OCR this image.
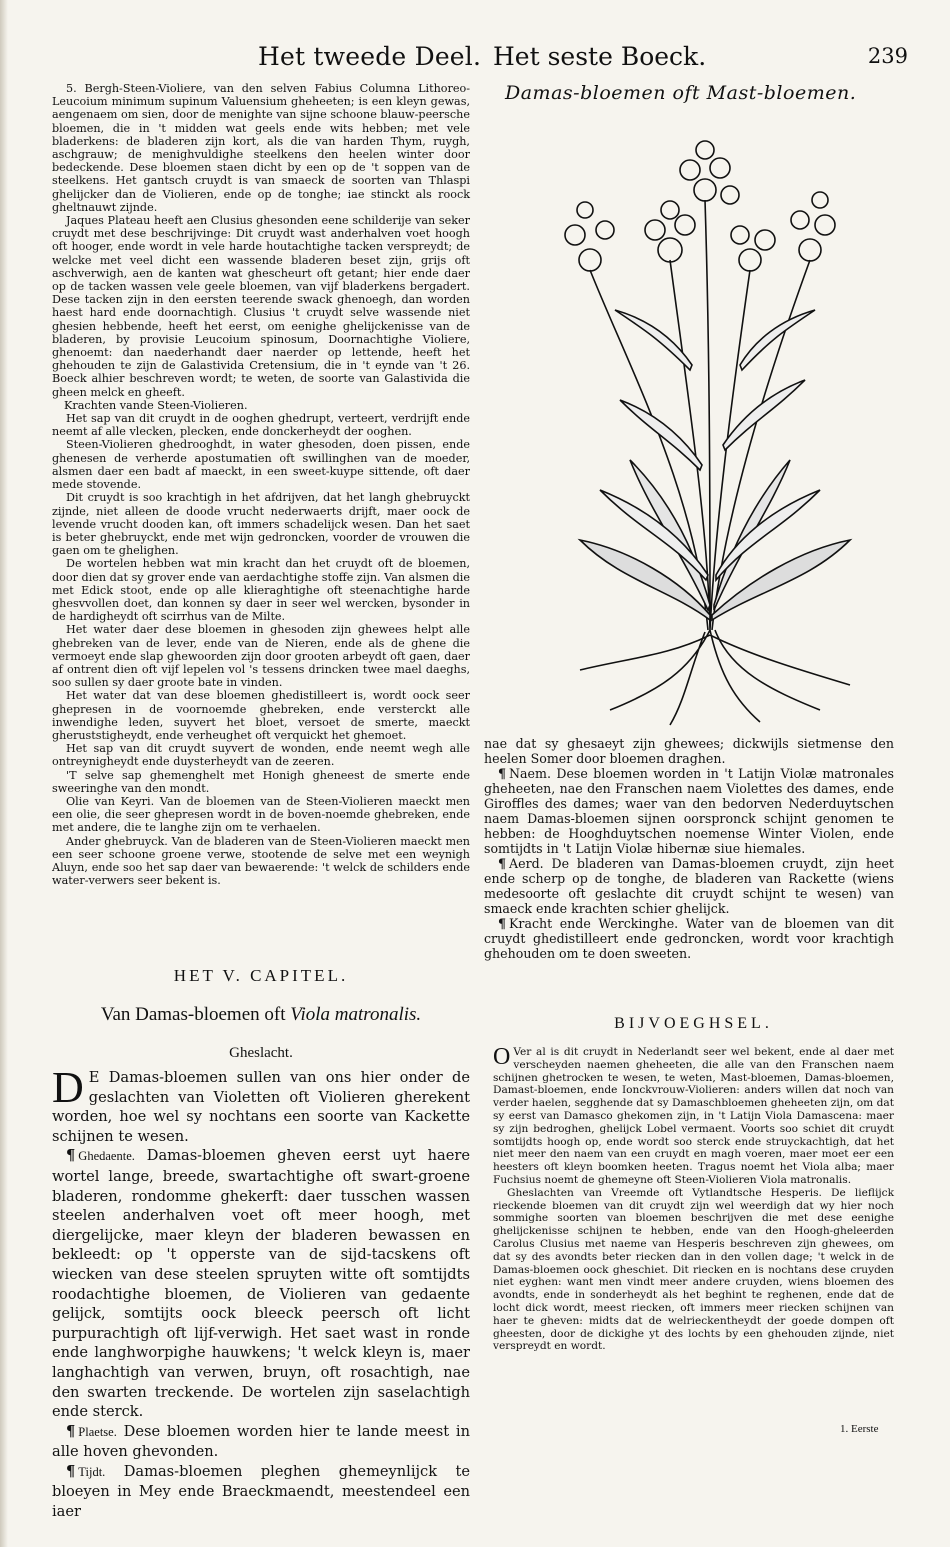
Het tweede Deel. Het seste Boeck.	239

5. Bergh-Steen-Violiere, van den selven Fabius Columna Lithoreo-Leucoium minimum supinum Valuensium gheheeten; is een kleyn gewas, aengenaem om sien, door de menighte van sijne schoone blauw-peersche bloemen, die in 't midden wat geels ende wits hebben; met vele bladerkens: de bladeren zijn kort, als die van harden Thym, ruygh, aschgrauw; de menighvuldighe steelkens den heelen winter door bedeckende. Dese bloemen staen dicht by een op de 't soppen van de steelkens. Het gantsch cruydt is van smaeck de soorten van Thlaspi ghelijcker dan de Violieren, ende op de tonghe; iae stinckt als roock gheltnauwt zijnde.

Jaques Plateau heeft aen Clusius ghesonden eene schilderije van seker cruydt met dese beschrijvinge: Dit cruydt wast anderhalven voet hoogh oft hooger, ende wordt in vele harde houtachtighe tacken verspreydt; de welcke met veel dicht een wassende bladeren beset zijn, grijs oft aschverwigh, aen de kanten wat ghescheurt oft getant; hier ende daer op de tacken wassen vele geele bloemen, van vijf bladerkens bergadert. Dese tacken zijn in den eersten teerende swack ghenoegh, dan worden haest hard ende doornachtigh. Clusius 't cruydt selve wassende niet ghesien hebbende, heeft het eerst, om eenighe ghelijckenisse van de bladeren, by provisie Leucoium spinosum, Doornachtighe Violiere, ghenoemt: dan naederhandt daer naerder op lettende, heeft het ghehouden te zijn de Galastivida Cretensium, die in 't eynde van 't 26. Boeck alhier beschreven wordt; te weten, de soorte van Galastivida die gheen melck en gheeft.

Krachten vande Steen-Violieren.

Het sap van dit cruydt in de ooghen ghedrupt, verteert, verdrijft ende neemt af alle vlecken, plecken, ende donckerheydt der ooghen.

Steen-Violieren ghedrooghdt, in water ghesoden, doen pissen, ende ghenesen de verherde apostumatien oft swillinghen van de moeder, alsmen daer een badt af maeckt, in een sweet-kuype sittende, oft daer mede stovende.

Dit cruydt is soo krachtigh in het afdrijven, dat het langh ghebruyckt zijnde, niet alleen de doode vrucht nederwaerts drijft, maer oock de levende vrucht dooden kan, oft immers schadelijck wesen. Dan het saet is beter ghebruyckt, ende met wijn gedroncken, voorder de vrouwen die gaen om te ghelighen.

De wortelen hebben wat min kracht dan het cruydt oft de bloemen, door dien dat sy grover ende van aerdachtighe stoffe zijn. Van alsmen die met Edick stoot, ende op alle klieraghtighe oft steenachtighe harde ghesvvollen doet, dan konnen sy daer in seer wel wercken, bysonder in de hardigheydt oft scirrhus van de Milte.

Het water daer dese bloemen in ghesoden zijn ghewees helpt alle ghebreken van de lever, ende van de Nieren, ende als de ghene die vermoeyt ende slap ghewoorden zijn door grooten arbeydt oft gaen, daer af ontrent dien oft vijf lepelen vol 's tessens drincken twee mael daeghs, soo sullen sy daer groote bate in vinden.

Het water dat van dese bloemen ghedistilleert is, wordt oock seer ghepresen in de voornoemde ghebreken, ende versterckt alle inwendighe leden, suyvert het bloet, versoet de smerte, maeckt gheruststigheydt, ende verheughet oft verquickt het ghemoet.

Het sap van dit cruydt suyvert de wonden, ende neemt wegh alle ontreynigheydt ende duysterheydt van de zeeren.

'T selve sap ghemenghelt met Honigh gheneest de smerte ende sweeringhe van den mondt.

Olie van Keyri. Van de bloemen van de Steen-Violieren maeckt men een olie, die seer ghepresen wordt in de boven-noemde ghebreken, ende met andere, die te langhe zijn om te verhaelen.

Ander ghebruyck. Van de bladeren van de Steen-Violieren maeckt men een seer schoone groene verwe, stootende de selve met een weynigh Aluyn, ende soo het sap daer van bewaerende: 't welck de schilders ende water-verwers seer bekent is.

HET V. CAPITEL.
Van Damas-bloemen oft Viola matronalis.
Gheslacht.

D E Damas-bloemen sullen van ons hier onder de geslachten van Violetten oft Violieren gherekent worden, hoe wel sy nochtans een soorte van Kackette schijnen te wesen.

¶ Ghedaente. Damas-bloemen gheven eerst uyt haere wortel lange, breede, swartachtighe oft swart-groene bladeren, rondomme ghekerft: daer tusschen wassen steelen anderhalven voet oft meer hoogh, met diergelijcke, maer kleyn der bladeren bewassen en bekleedt: op 't opperste van de sijd-tacskens oft wiecken van dese steelen spruyten witte oft somtijdts roodachtighe bloemen, de Violieren van gedaente gelijck, somtijts oock bleeck peersch oft licht purpurachtigh oft lijf-verwigh. Het saet wast in ronde ende langhworpighe hauwkens; 't welck kleyn is, maer langhachtigh van verwen, bruyn, oft rosachtigh, nae den swarten treckende. De wortelen zijn saselachtigh ende sterck.

¶ Plaetse. Dese bloemen worden hier te lande meest in alle hoven ghevonden.

¶ Tijdt. Damas-bloemen pleghen ghemeynlijck te bloeyen in Mey ende Braeckmaendt, meestendeel een iaer

Damas-bloemen oft Mast-bloemen.

nae dat sy ghesaeyt zijn ghewees; dickwijls sietmense den heelen Somer door bloemen draghen.

¶ Naem. Dese bloemen worden in 't Latijn Violæ matronales gheheeten, nae den Franschen naem Violettes des dames, ende Giroffles des dames; waer van den bedorven Nederduytschen naem Damas-bloemen sijnen oorspronck schijnt genomen te hebben: de Hooghduytschen noemense Winter Violen, ende somtijdts in 't Latijn Violæ hibernæ siue hiemales.

¶ Aerd. De bladeren van Damas-bloemen cruydt, zijn heet ende scherp op de tonghe, de bladeren van Rackette (wiens medesoorte oft geslachte dit cruydt schijnt te wesen) van smaeck ende krachten schier ghelijck.

¶ Kracht ende Werckinghe. Water van de bloemen van dit cruydt ghedistilleert ende gedroncken, wordt voor krachtigh ghehouden om te doen sweeten.

BIJVOEGHSEL.

O Ver al is dit cruydt in Nederlandt seer wel bekent, ende al daer met verscheyden naemen gheheeten, die alle van den Franschen naem schijnen ghetrocken te wesen, te weten, Mast-bloemen, Damas-bloemen, Damast-bloemen, ende Ionckvrouw-Violieren: anders willen dat noch van verder haelen, segghende dat sy Damaschbloemen gheheeten zijn, om dat sy eerst van Damasco ghekomen zijn, in 't Latijn Viola Damascena: maer sy zijn bedroghen, ghelijck Lobel vermaent. Voorts soo schiet dit cruydt somtijdts hoogh op, ende wordt soo sterck ende struyckachtigh, dat het niet meer den naem van een cruydt en magh voeren, maer moet eer een heesters oft kleyn boomken heeten. Tragus noemt het Viola alba; maer Fuchsius noemt de ghemeyne oft Steen-Violieren Viola matronalis.

Gheslachten van Vreemde oft Vytlandtsche Hesperis. De lieflijck rieckende bloemen van dit cruydt zijn wel weerdigh dat wy hier noch sommighe soorten van bloemen beschrijven die met dese eenighe ghelijckenisse schijnen te hebben, ende van den Hoogh-gheleerden Carolus Clusius met naeme van Hesperis beschreven zijn ghewees, om dat sy des avondts beter riecken dan in den vollen dage; 't welck in de Damas-bloemen oock gheschiet. Dit riecken en is nochtans dese cruyden niet eyghen: want men vindt meer andere cruyden, wiens bloemen des avondts, ende in sonderheydt als het beghint te reghenen, ende dat de locht dick wordt, meest riecken, oft immers meer riecken schijnen van haer te gheven: midts dat de welrieckentheydt der goede dompen oft gheesten, door de dickighe yt des lochts by een ghehouden zijnde, niet verspreydt en wordt.

1. Eerste
